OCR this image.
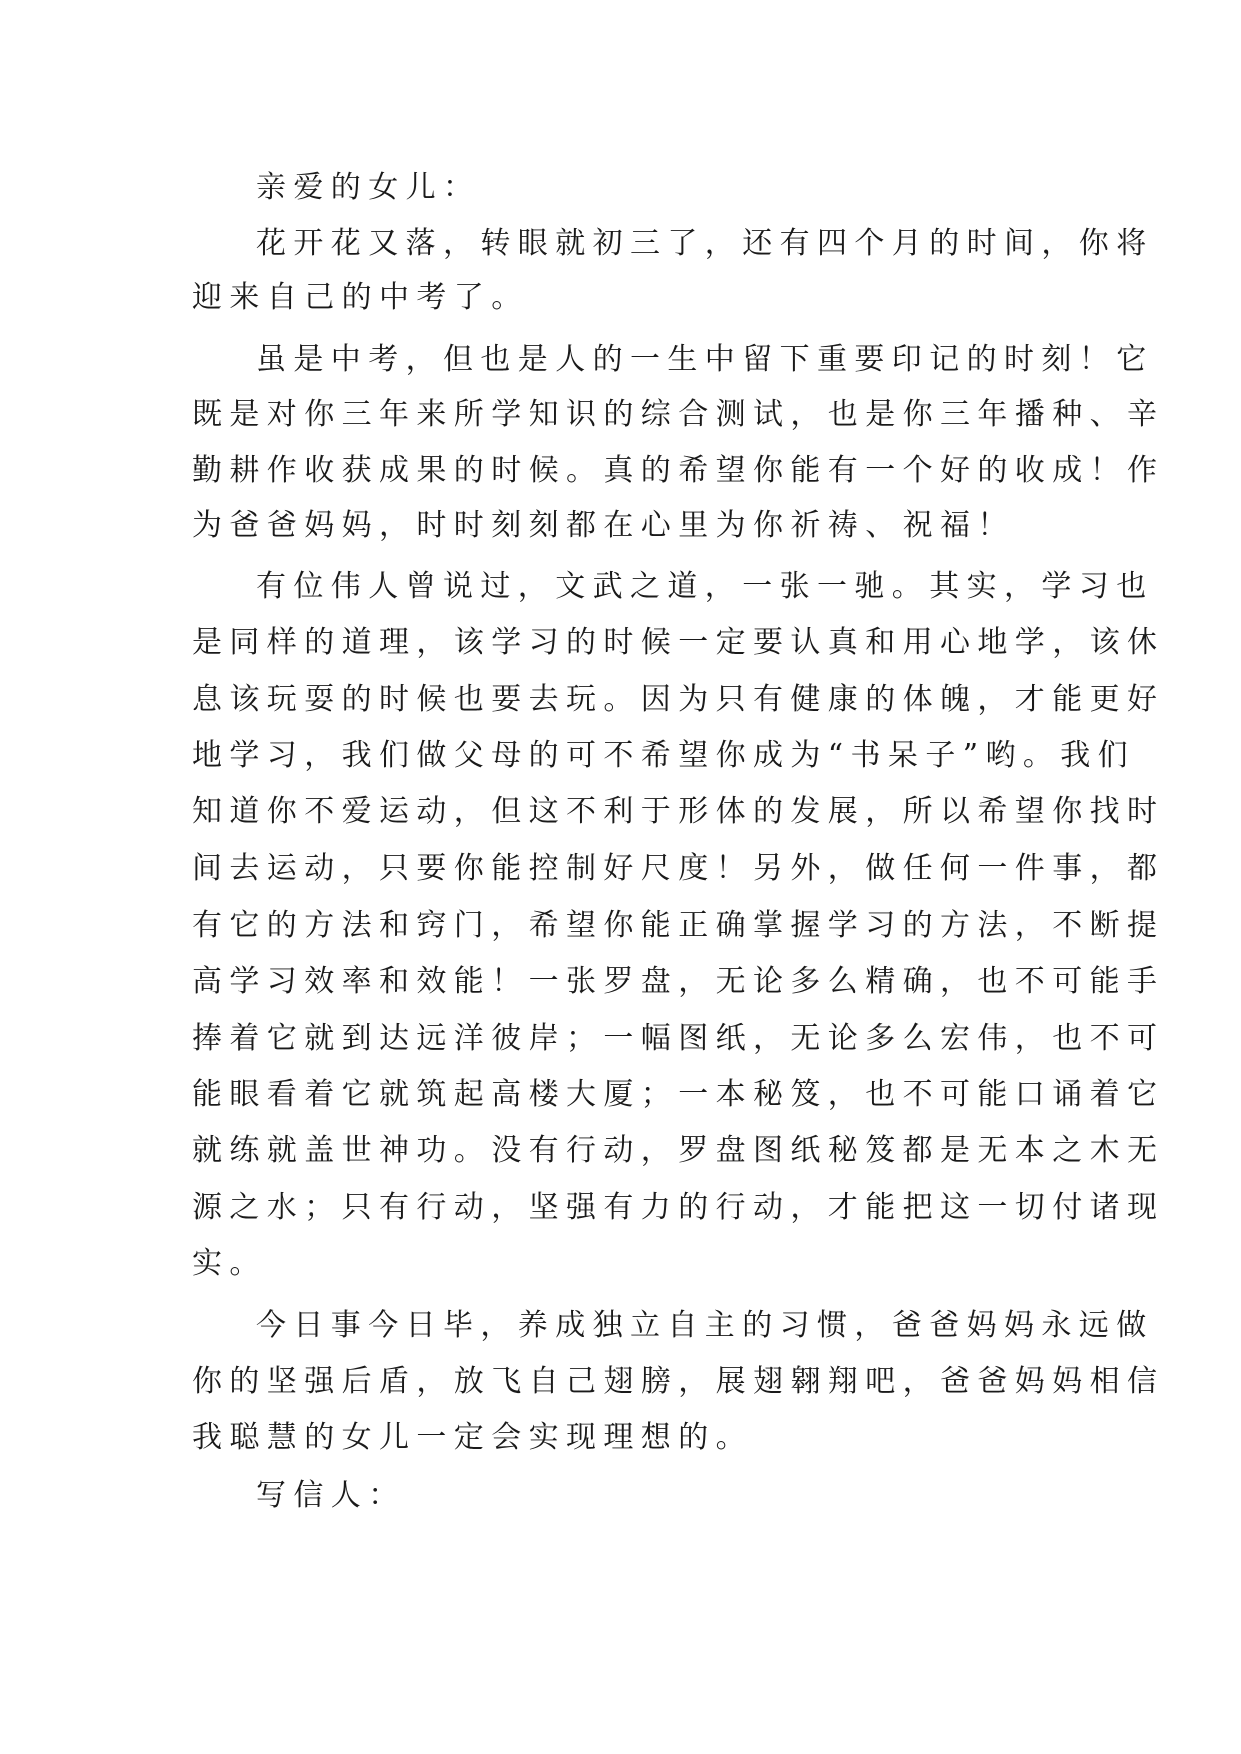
亲爱的女儿：
花开花又落，转眼就初三了，还有四个月的时间，你将
迎来自己的中考了。
虽是中考，但也是人的一生中留下重要印记的时刻！它
既是对你三年来所学知识的综合测试，也是你三年播种、辛
勤耕作收获成果的时候。真的希望你能有一个好的收成！作
为爸爸妈妈，时时刻刻都在心里为你祈祷、祝福！
有位伟人曾说过，文武之道，一张一驰。其实，学习也
是同样的道理，该学习的时候一定要认真和用心地学，该休
息该玩耍的时候也要去玩。因为只有健康的体魄，才能更好
地学习，我们做父母的可不希望你成为“书呆子”哟。我们
知道你不爱运动，但这不利于形体的发展，所以希望你找时
间去运动，只要你能控制好尺度！另外，做任何一件事，都
有它的方法和窍门，希望你能正确掌握学习的方法，不断提
高学习效率和效能！一张罗盘，无论多么精确，也不可能手
捧着它就到达远洋彼岸；一幅图纸，无论多么宏伟，也不可
能眼看着它就筑起高楼大厦；一本秘笈，也不可能口诵着它
就练就盖世神功。没有行动，罗盘图纸秘笈都是无本之木无
源之水；只有行动，坚强有力的行动，才能把这一切付诸现
实。
今日事今日毕，养成独立自主的习惯，爸爸妈妈永远做
你的坚强后盾，放飞自己翅膀，展翅翱翔吧，爸爸妈妈相信
我聪慧的女儿一定会实现理想的。
写信人：
